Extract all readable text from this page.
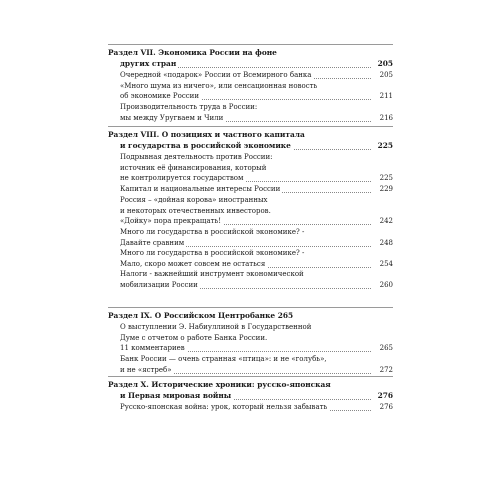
Раздел VII. Экономика России на фоне
других стран	205
Очередной «подарок» России от Всемирного банка	205
«Много шума из ничего», или сенсационная новость
об экономике России	211
Производительность труда в России:
мы между Уругваем и Чили	216
Раздел VIII. О позициях и частного капитала
и государства в российской экономике	225
Подрывная деятельность против России:
источник её финансирования, который
не контролируется государством	225
Капитал и национальные интересы России	229
Россия – «дойная корова» иностранных
и некоторых отечественных инвесторов.
«Дойку» пора прекращать!	242
Много ли государства в российской экономике? -
Давайте сравним	248
Много ли государства в российской экономике? -
Мало, скоро может совсем не остаться	254
Налоги - важнейший инструмент экономической
мобилизации России	260
Раздел IX. О Российском Центробанке 265
О выступлении Э. Набиуллиной в Государственной
Думе с отчетом о работе Банка России.
11 комментариев	265
Банк России — очень странная «птица»: и не «голубь»,
и не «ястреб»	272
Раздел X. Исторические хроники: русско-японская
и Первая мировая войны	276
Русско-японская война: урок, который нельзя забывать	276
